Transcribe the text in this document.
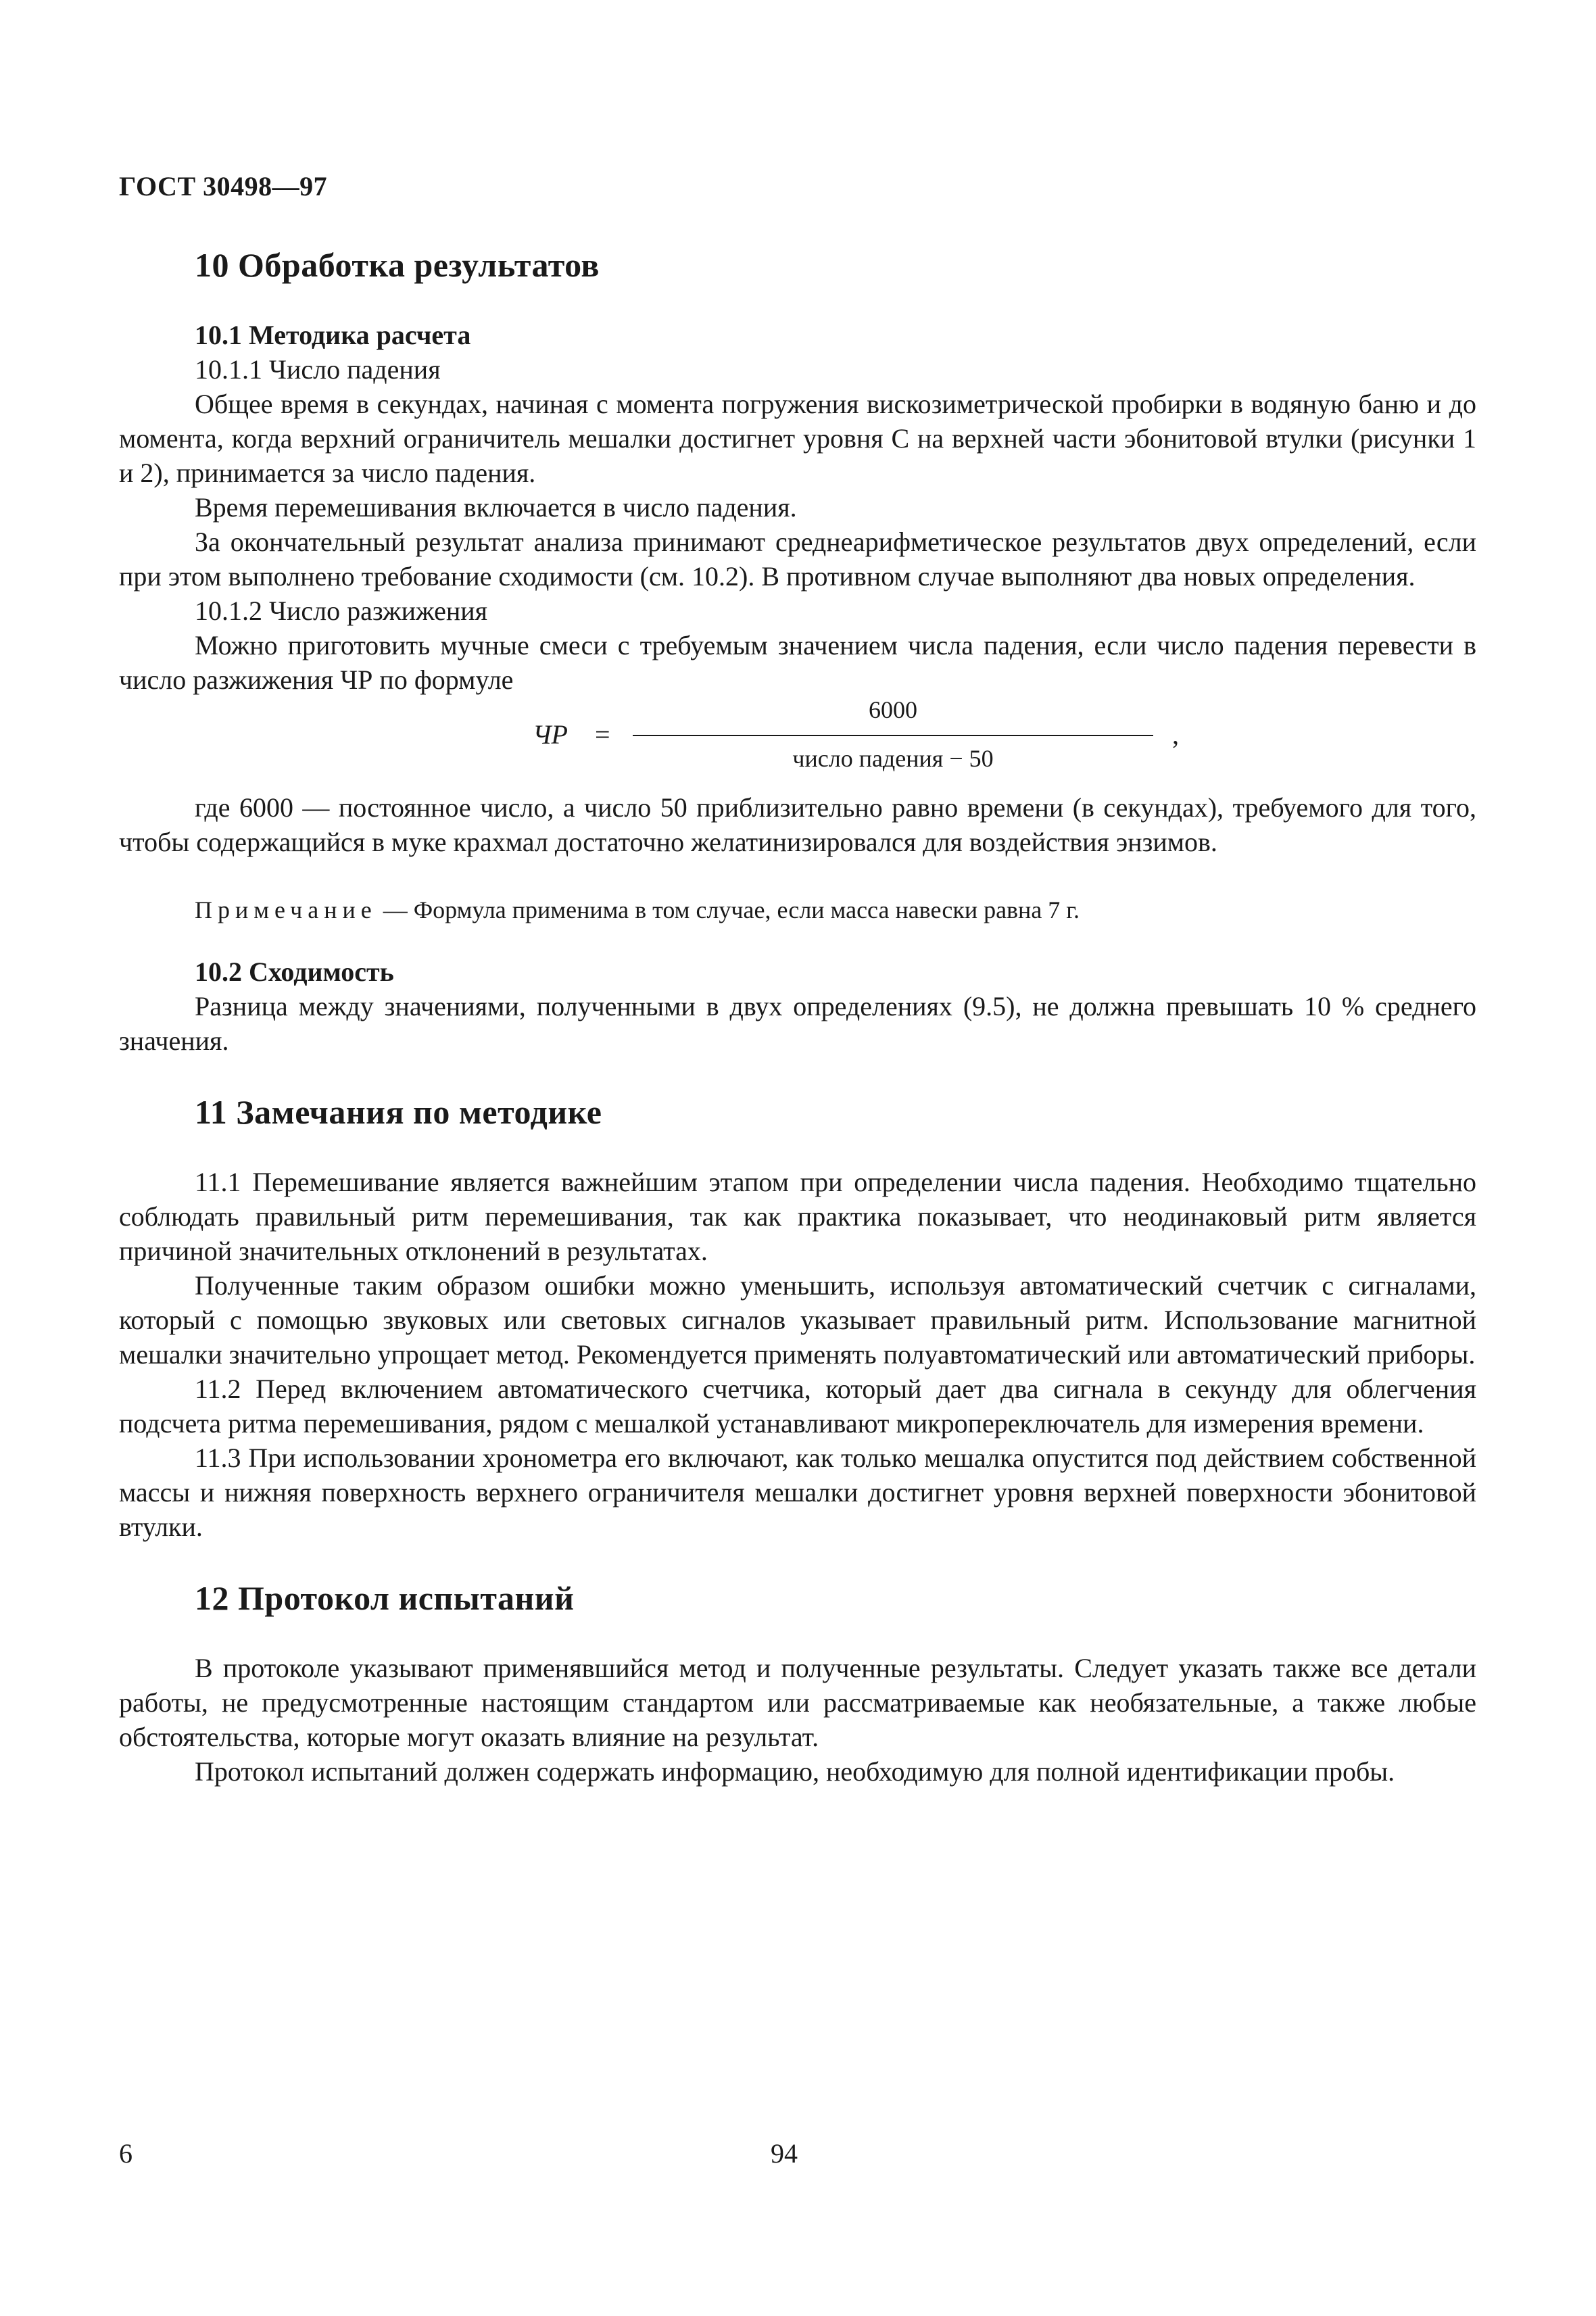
ГОСТ 30498—97
10 Обработка результатов
10.1 Методика расчета

10.1.1 Число падения

Общее время в секундах, начиная с момента погружения вискозиметрической пробирки в водяную баню и до момента, когда верхний ограничитель мешалки достигнет уровня С на верхней части эбонитовой втулки (рисунки 1 и 2), принимается за число падения.

Время перемешивания включается в число падения.

За окончательный результат анализа принимают среднеарифметическое результатов двух определений, если при этом выполнено требование сходимости (см. 10.2). В противном случае выполняют два новых определения.

10.1.2 Число разжижения

Можно приготовить мучные смеси с требуемым значением числа падения, если число падения перевести в число разжижения ЧР по формуле

ЧР =
6000
число падения − 50
,

где 6000 — постоянное число, а число 50 приблизительно равно времени (в секундах), требуемого для того, чтобы содержащийся в муке крахмал достаточно желатинизировался для воздействия энзимов.

Примечание — Формула применима в том случае, если масса навески равна 7 г.

10.2 Сходимость

Разница между значениями, полученными в двух определениях (9.5), не должна превышать 10 % среднего значения.

11 Замечания по методике

11.1 Перемешивание является важнейшим этапом при определении числа падения. Необходимо тщательно соблюдать правильный ритм перемешивания, так как практика показывает, что неодинаковый ритм является причиной значительных отклонений в результатах.

Полученные таким образом ошибки можно уменьшить, используя автоматический счетчик с сигналами, который с помощью звуковых или световых сигналов указывает правильный ритм. Использование магнитной мешалки значительно упрощает метод. Рекомендуется применять полуавтоматический или автоматический приборы.

11.2 Перед включением автоматического счетчика, который дает два сигнала в секунду для облегчения подсчета ритма перемешивания, рядом с мешалкой устанавливают микропереключатель для измерения времени.

11.3 При использовании хронометра его включают, как только мешалка опустится под действием собственной массы и нижняя поверхность верхнего ограничителя мешалки достигнет уровня верхней поверхности эбонитовой втулки.

12 Протокол испытаний

В протоколе указывают применявшийся метод и полученные результаты. Следует указать также все детали работы, не предусмотренные настоящим стандартом или рассматриваемые как необязательные, а также любые обстоятельства, которые могут оказать влияние на результат.

Протокол испытаний должен содержать информацию, необходимую для полной идентификации пробы.

6	94
